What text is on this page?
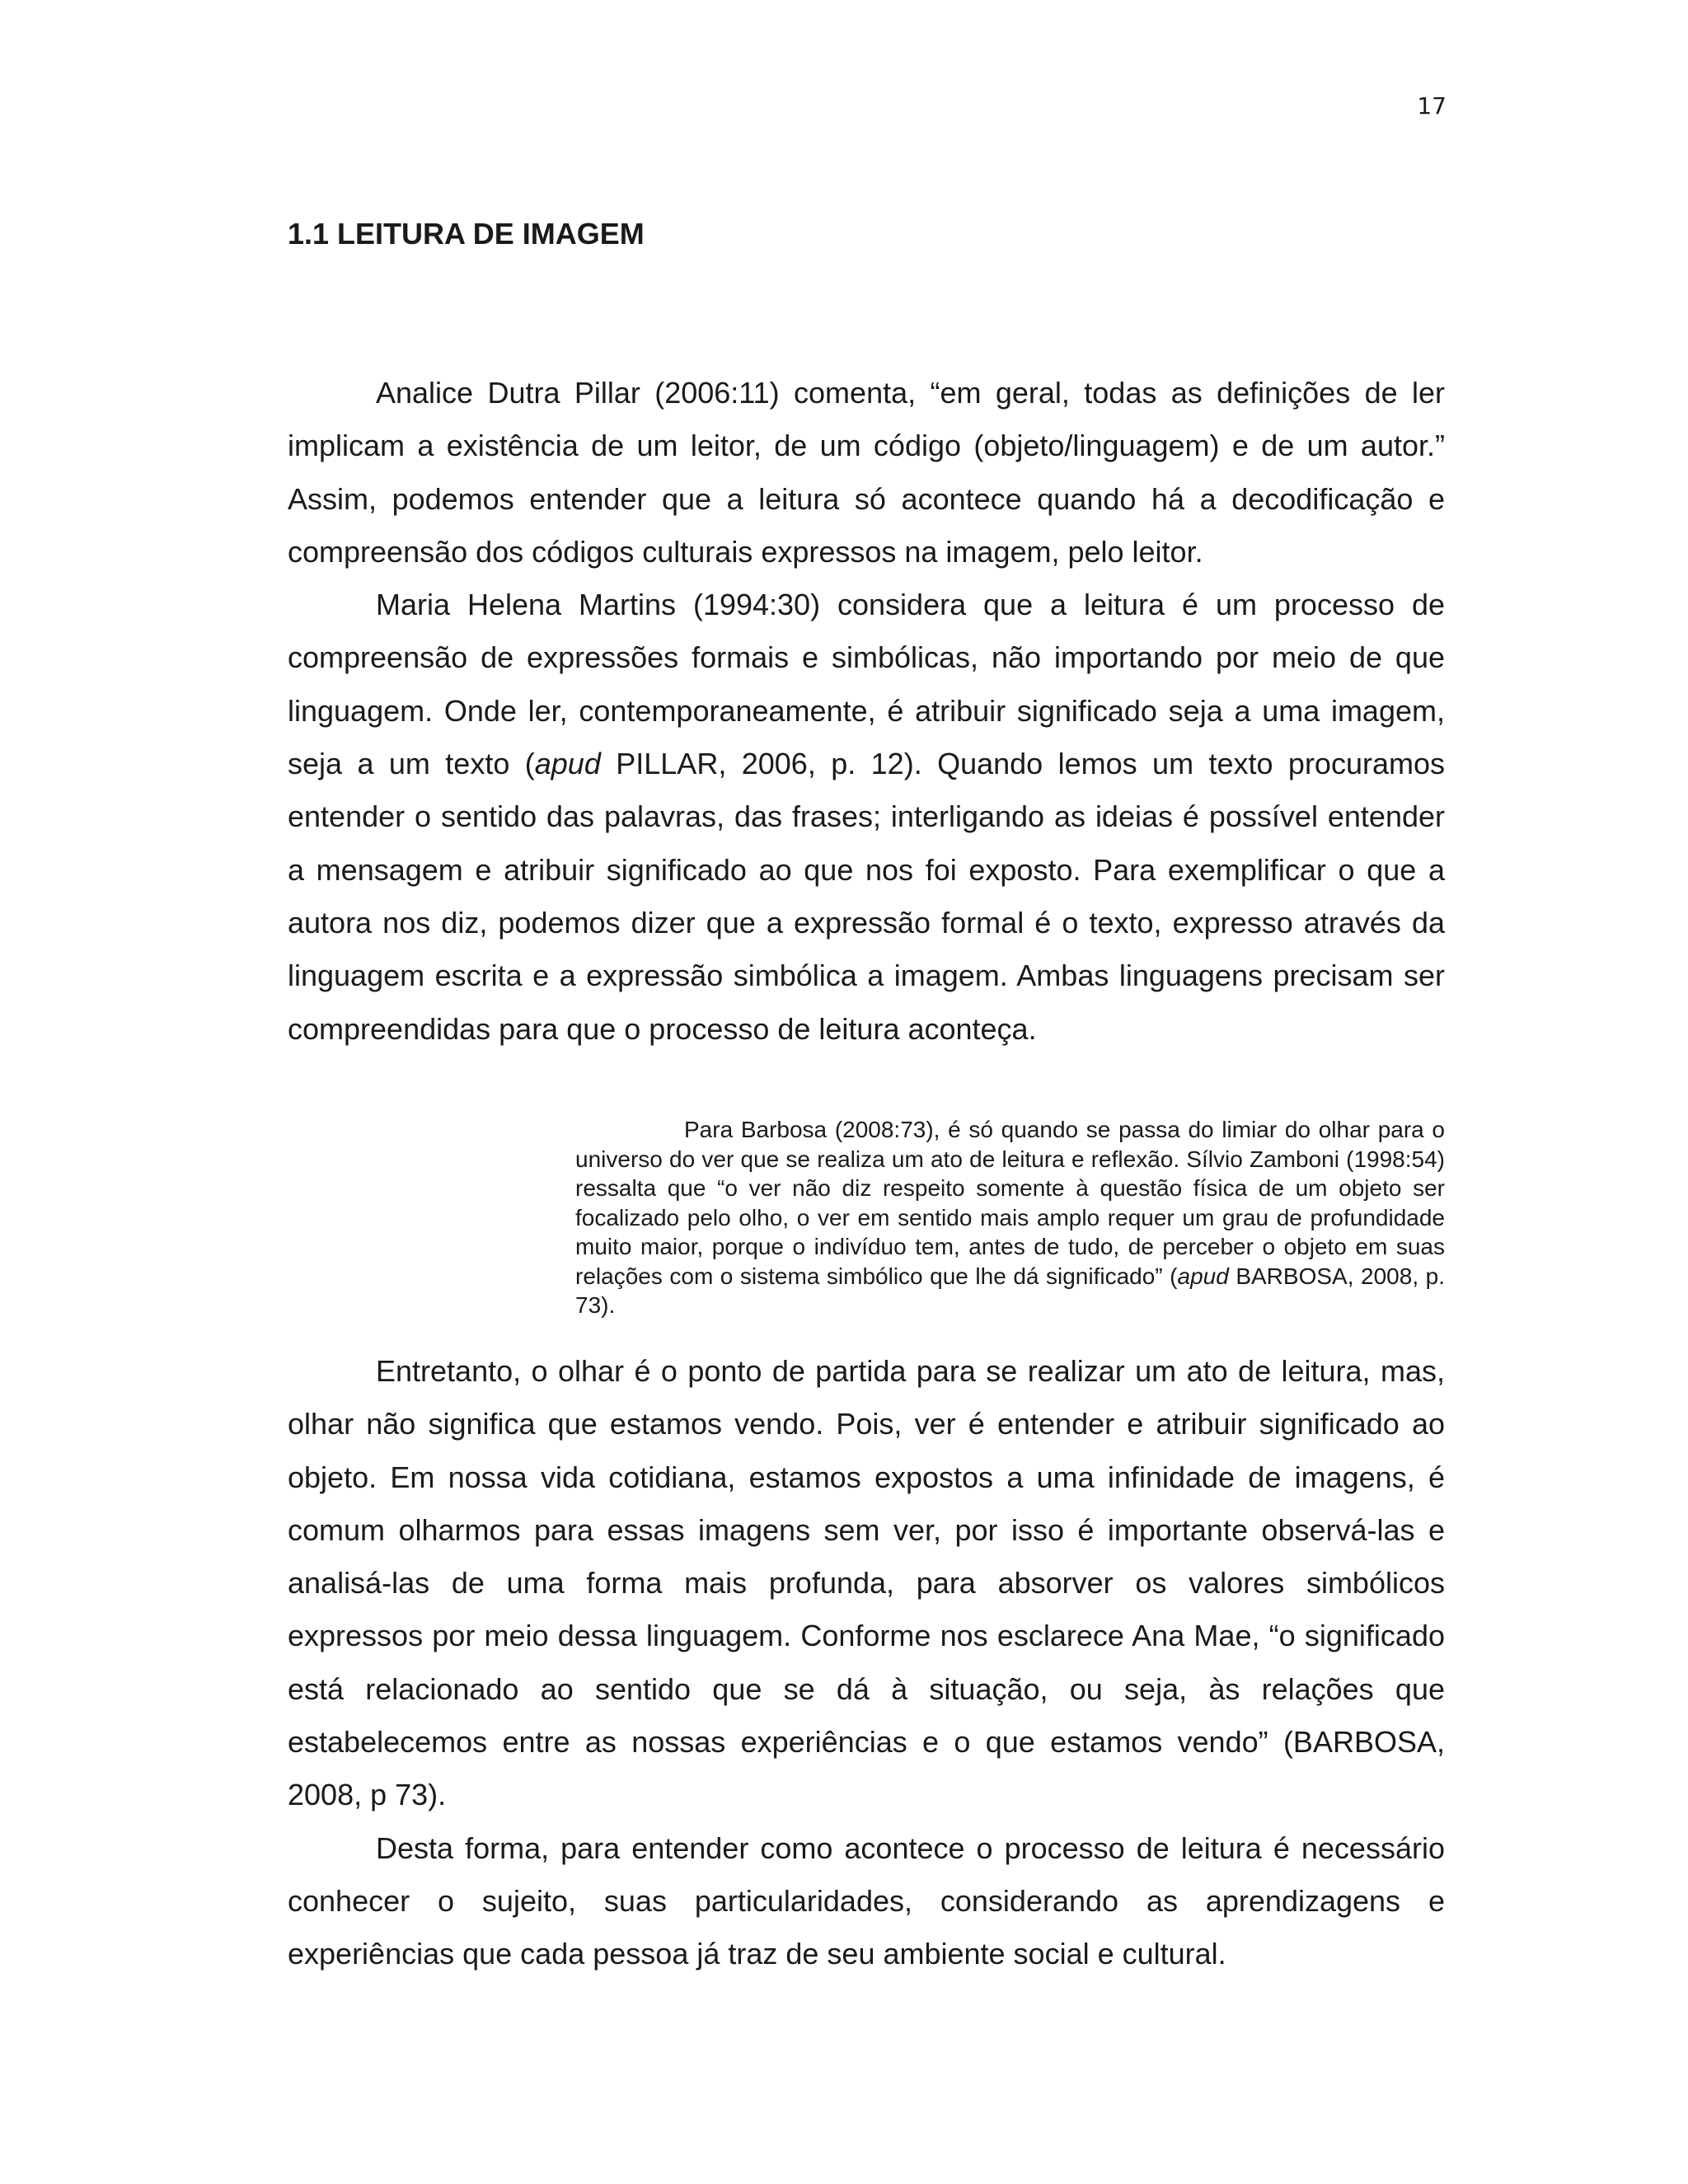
17
1.1 LEITURA DE IMAGEM

Analice Dutra Pillar (2006:11) comenta, “em geral, todas as definições de ler implicam a existência de um leitor, de um código (objeto/linguagem) e de um autor.” Assim, podemos entender que a leitura só acontece quando há a decodificação e compreensão dos códigos culturais expressos na imagem, pelo leitor.

Maria Helena Martins (1994:30) considera que a leitura é um processo de compreensão de expressões formais e simbólicas, não importando por meio de que linguagem. Onde ler, contemporaneamente, é atribuir significado seja a uma imagem, seja a um texto (apud PILLAR, 2006, p. 12). Quando lemos um texto procuramos entender o sentido das palavras, das frases; interligando as ideias é possível entender a mensagem e atribuir significado ao que nos foi exposto. Para exemplificar o que a autora nos diz, podemos dizer que a expressão formal é o texto, expresso através da linguagem escrita e a expressão simbólica a imagem. Ambas linguagens precisam ser compreendidas para que o processo de leitura aconteça.

Para Barbosa (2008:73), é só quando se passa do limiar do olhar para o universo do ver que se realiza um ato de leitura e reflexão. Sílvio Zamboni (1998:54) ressalta que “o ver não diz respeito somente à questão física de um objeto ser focalizado pelo olho, o ver em sentido mais amplo requer um grau de profundidade muito maior, porque o indivíduo tem, antes de tudo, de perceber o objeto em suas relações com o sistema simbólico que lhe dá significado” (apud BARBOSA, 2008, p. 73).

Entretanto, o olhar é o ponto de partida para se realizar um ato de leitura, mas, olhar não significa que estamos vendo. Pois, ver é entender e atribuir significado ao objeto. Em nossa vida cotidiana, estamos expostos a uma infinidade de imagens, é comum olharmos para essas imagens sem ver, por isso é importante observá-las e analisá-las de uma forma mais profunda, para absorver os valores simbólicos expressos por meio dessa linguagem. Conforme nos esclarece Ana Mae, “o significado está relacionado ao sentido que se dá à situação, ou seja, às relações que estabelecemos entre as nossas experiências e o que estamos vendo” (BARBOSA, 2008, p 73).

Desta forma, para entender como acontece o processo de leitura é necessário conhecer o sujeito, suas particularidades, considerando as aprendizagens e experiências que cada pessoa já traz de seu ambiente social e cultural.
